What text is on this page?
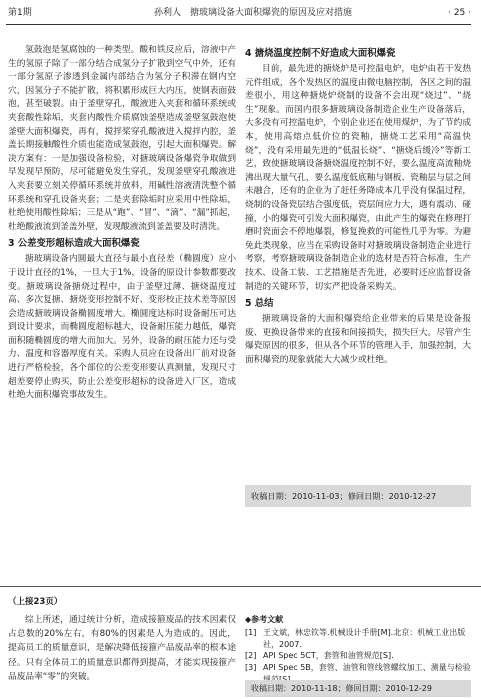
第1期	孙利人　搪玻璃设备大面积爆瓷的原因及应对措施	· 25 ·

氢鼓泡是氢腐蚀的一种类型。酸和铁反应后，溶液中产生的氢原子除了一部分结合成氢分子扩散到空气中外，还有一部分氢原子渗透到金属内部结合为氢分子积滞在钢内空穴，因氢分子不能扩散，将积累形成巨大内压，使钢表面鼓泡，甚至破裂。由于釜壁穿孔，酸液进入夹套和循环系统或夹套酸性除垢，夹套内酸性介质腐蚀釜壁造成釜壁氢鼓泡使釜壁大面积爆瓷，再有，搅拌桨穿孔酸液进入搅拌内腔，釜盖长期接触酸性介质也能造成氢鼓泡，引起大面积爆瓷。解决方案有：一是加强设备检验，对搪玻璃设备爆瓷争取做到早发现早预防，尽可能避免发生穿孔，发现釜壁穿孔酸液进入夹套要立刻关停循环系统并放料，用碱性溶液清洗整个循环系统和穿孔设备夹套；二是夹套除垢时应采用中性除垢，杜绝使用酸性除垢；三是从“跑”、“冒”、“滴”、“漏”抓起，杜绝酸液流到釜盖外壁，发现酸液流到釜盖要及时清洗。

3 公差变形超标造成大面积爆瓷

搪玻璃设备内圆最大直径与最小直径差（椭圆度）应小于设计直径的1%，一旦大于1%，设备的原设计参数都要改变。搪玻璃设备搪烧过程中，由于釜壁过薄、搪烧温度过高、多次复搪、搪烧变形控制不好、变形校正技术差等原因会造成搪玻璃设备椭圆度增大。椭圆度达标时设备耐压可达到设计要求，而椭圆度超标越大，设备耐压能力越低，爆瓷面积随椭圆度的增大而加大。另外，设备的耐压能力还与受力、温度和容器厚度有关。采购人员应在设备出厂前对设备进行严格检验，各个部位的公差变形要认真测量，发现尺寸超差要停止购买，防止公差变形超标的设备进入厂区，造成杜绝大面积爆瓷事故发生。

4 搪烧温度控制不好造成大面积爆瓷

目前，最先进的搪烧炉是可控温电炉，电炉由若干发热元件组成，各个发热区的温度由微电脑控制，各区之间的温差很小，用这种搪烧炉烧制的设备不会出现“烧过”、“烧生”现象。而国内很多搪玻璃设备制造企业生产设备落后，大多没有可控温电炉，个别企业还在使用煤炉，为了节约成本，使用高熔点低价位的瓷釉，搪烧工艺采用“高温快烧”，没有采用最先进的“低温长烧”、“搪烧后缓冷”等新工艺，致使搪玻璃设备搪烧温度控制不好，要么温度高流釉烧沸出现大量气孔，要么温度低底釉与钢板、瓷釉层与层之间未融合，还有的企业为了赶任务降成本几乎没有保温过程，烧制的设备瓷层结合强度低，瓷层间应力大，遇有震动、碰撞，小的爆瓷可引发大面积爆瓷，由此产生的爆瓷在修理打磨时瓷面会不停地爆裂，修复挽救的可能性几乎为零。为避免此类现象，应当在采购设备时对搪玻璃设备制造企业进行考察，考察搪玻璃设备制造企业的选材是否符合标准，生产技术、设备工装、工艺措施是否先进，必要时还应监督设备制造的关键环节，切实严把设备采购关。

5 总结

搪玻璃设备的大面积爆瓷给企业带来的后果是设备报废、更换设备带来的直接和间接损失，损失巨大。尽管产生爆瓷原因的很多，但从各个环节的管理入手，加强控制，大面积爆瓷的现象就能大大减少或杜绝。

收稿日期：2010-11-03；修回日期：2010-12-27
（上接23页）

综上所述，通过统计分析，造成接箍废品的技术因素仅占总数的20%左右，有80%的因素是人为造成的。因此，提高员工的质量意识，是解决降低接箍产品废品率的根本途径。只有全体员工的质量意识都得到提高，才能实现接箍产品废品率“零”的突破。

◆参考文献
[1] 王文斌，林忠钦等.机械设计手册[M].北京：机械工业出版社，2007.
[2] API Spec 5CT，套管和油管规范[S].
[3] API Spec 5B，套管、油管和管线管螺纹加工、测量与检验
收稿日期：2010-11-18；修回日期：2010-12-29
